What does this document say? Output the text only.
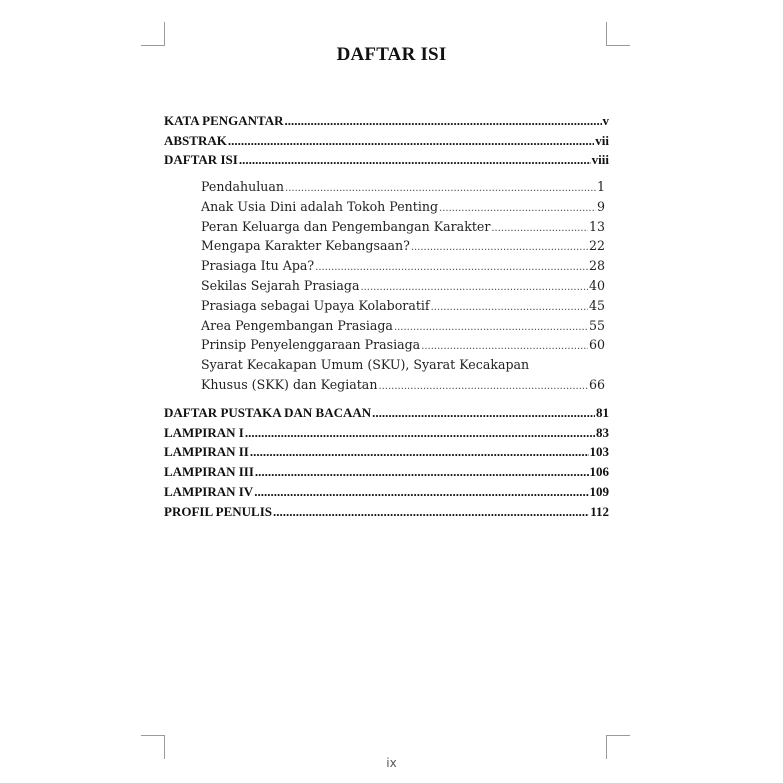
DAFTAR ISI
KATA PENGANTAR .....	v
ABSTRAK .....	vii
DAFTAR ISI .....	viii
Pendahuluan .....	1
Anak Usia Dini adalah Tokoh Penting .....	9
Peran Keluarga dan Pengembangan Karakter .....	13
Mengapa Karakter Kebangsaan? .....	22
Prasiaga Itu Apa? .....	28
Sekilas Sejarah Prasiaga .....	40
Prasiaga sebagai Upaya Kolaboratif .....	45
Area Pengembangan Prasiaga .....	55
Prinsip Penyelenggaraan Prasiaga .....	60
Syarat Kecakapan Umum (SKU), Syarat Kecakapan
Khusus (SKK) dan Kegiatan .....	66
DAFTAR PUSTAKA DAN BACAAN .....	81
LAMPIRAN I .....	83
LAMPIRAN II .....	103
LAMPIRAN III .....	106
LAMPIRAN IV .....	109
PROFIL PENULIS .....	112
ix
